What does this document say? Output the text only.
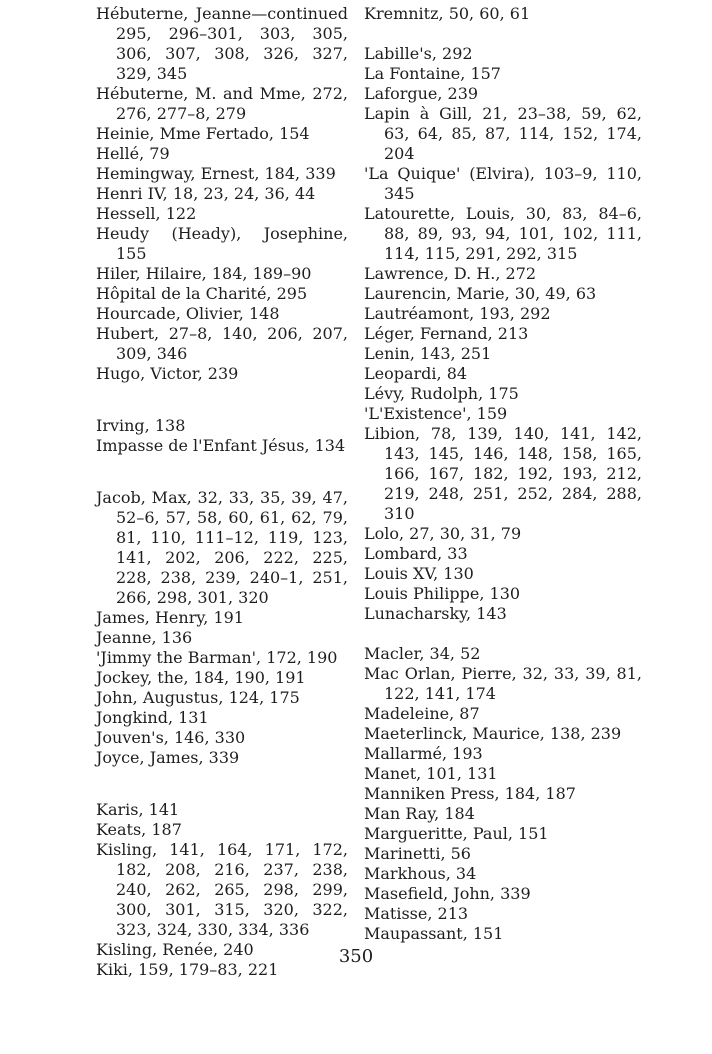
Hébuterne, Jeanne—continued 295, 296–301, 303, 305, 306, 307, 308, 326, 327, 329, 345

Hébuterne, M. and Mme, 272, 276, 277–8, 279

Heinie, Mme Fertado, 154

Hellé, 79

Hemingway, Ernest, 184, 339

Henri IV, 18, 23, 24, 36, 44

Hessell, 122

Heudy (Heady), Josephine, 155

Hiler, Hilaire, 184, 189–90

Hôpital de la Charité, 295

Hourcade, Olivier, 148

Hubert, 27–8, 140, 206, 207, 309, 346

Hugo, Victor, 239

Irving, 138

Impasse de l'Enfant Jésus, 134

Jacob, Max, 32, 33, 35, 39, 47, 52–6, 57, 58, 60, 61, 62, 79, 81, 110, 111–12, 119, 123, 141, 202, 206, 222, 225, 228, 238, 239, 240–1, 251, 266, 298, 301, 320

James, Henry, 191

Jeanne, 136

'Jimmy the Barman', 172, 190

Jockey, the, 184, 190, 191

John, Augustus, 124, 175

Jongkind, 131

Jouven's, 146, 330

Joyce, James, 339

Karis, 141

Keats, 187

Kisling, 141, 164, 171, 172, 182, 208, 216, 237, 238, 240, 262, 265, 298, 299, 300, 301, 315, 320, 322, 323, 324, 330, 334, 336

Kisling, Renée, 240

Kiki, 159, 179–83, 221

Kremnitz, 50, 60, 61

Labille's, 292

La Fontaine, 157

Laforgue, 239

Lapin à Gill, 21, 23–38, 59, 62, 63, 64, 85, 87, 114, 152, 174, 204

'La Quique' (Elvira), 103–9, 110, 345

Latourette, Louis, 30, 83, 84–6, 88, 89, 93, 94, 101, 102, 111, 114, 115, 291, 292, 315

Lawrence, D. H., 272

Laurencin, Marie, 30, 49, 63

Lautréamont, 193, 292

Léger, Fernand, 213

Lenin, 143, 251

Leopardi, 84

Lévy, Rudolph, 175

'L'Existence', 159

Libion, 78, 139, 140, 141, 142, 143, 145, 146, 148, 158, 165, 166, 167, 182, 192, 193, 212, 219, 248, 251, 252, 284, 288, 310

Lolo, 27, 30, 31, 79

Lombard, 33

Louis XV, 130

Louis Philippe, 130

Lunacharsky, 143

Macler, 34, 52

Mac Orlan, Pierre, 32, 33, 39, 81, 122, 141, 174

Madeleine, 87

Maeterlinck, Maurice, 138, 239

Mallarmé, 193

Manet, 101, 131

Manniken Press, 184, 187

Man Ray, 184

Margueritte, Paul, 151

Marinetti, 56

Markhous, 34

Masefield, John, 339

Matisse, 213

Maupassant, 151

350
